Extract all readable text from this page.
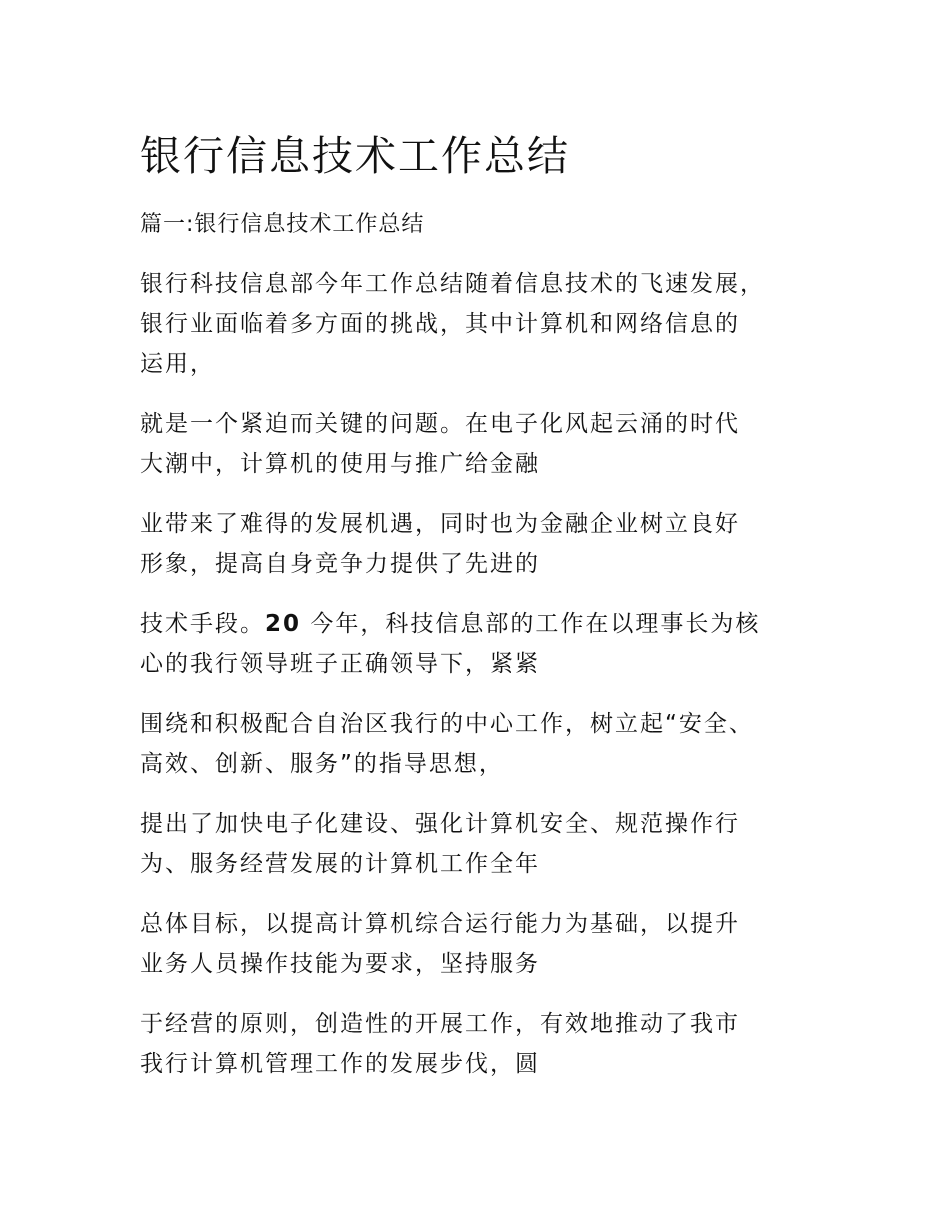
银行信息技术工作总结

篇一:银行信息技术工作总结

银行科技信息部今年工作总结随着信息技术的飞速发展，
银行业面临着多方面的挑战，其中计算机和网络信息的
运用，

就是一个紧迫而关键的问题。在电子化风起云涌的时代
大潮中，计算机的使用与推广给金融

业带来了难得的发展机遇，同时也为金融企业树立良好
形象，提高自身竞争力提供了先进的

技术手段。20 今年，科技信息部的工作在以理事长为核
心的我行领导班子正确领导下，紧紧

围绕和积极配合自治区我行的中心工作，树立起“安全、
高效、创新、服务”的指导思想，

提出了加快电子化建设、强化计算机安全、规范操作行
为、服务经营发展的计算机工作全年

总体目标，以提高计算机综合运行能力为基础，以提升
业务人员操作技能为要求，坚持服务

于经营的原则，创造性的开展工作，有效地推动了我市
我行计算机管理工作的发展步伐，圆
